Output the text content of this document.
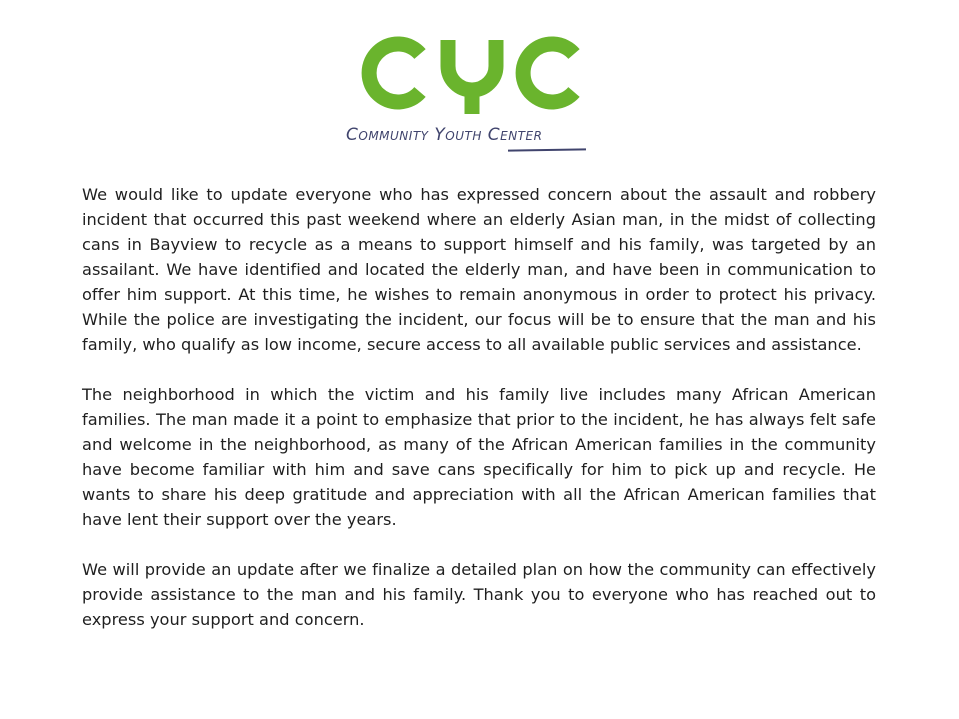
Community Youth Center

We would like to update everyone who has expressed concern about the assault and robbery incident that occurred this past weekend where an elderly Asian man, in the midst of collecting cans in Bayview to recycle as a means to support himself and his family, was targeted by an assailant. We have identified and located the elderly man, and have been in communication to offer him support. At this time, he wishes to remain anonymous in order to protect his privacy. While the police are investigating the incident, our focus will be to ensure that the man and his family, who qualify as low income, secure access to all available public services and assistance.

The neighborhood in which the victim and his family live includes many African American families. The man made it a point to emphasize that prior to the incident, he has always felt safe and welcome in the neighborhood, as many of the African American families in the community have become familiar with him and save cans specifically for him to pick up and recycle. He wants to share his deep gratitude and appreciation with all the African American families that have lent their support over the years.

We will provide an update after we finalize a detailed plan on how the community can effectively provide assistance to the man and his family. Thank you to everyone who has reached out to express your support and concern.
